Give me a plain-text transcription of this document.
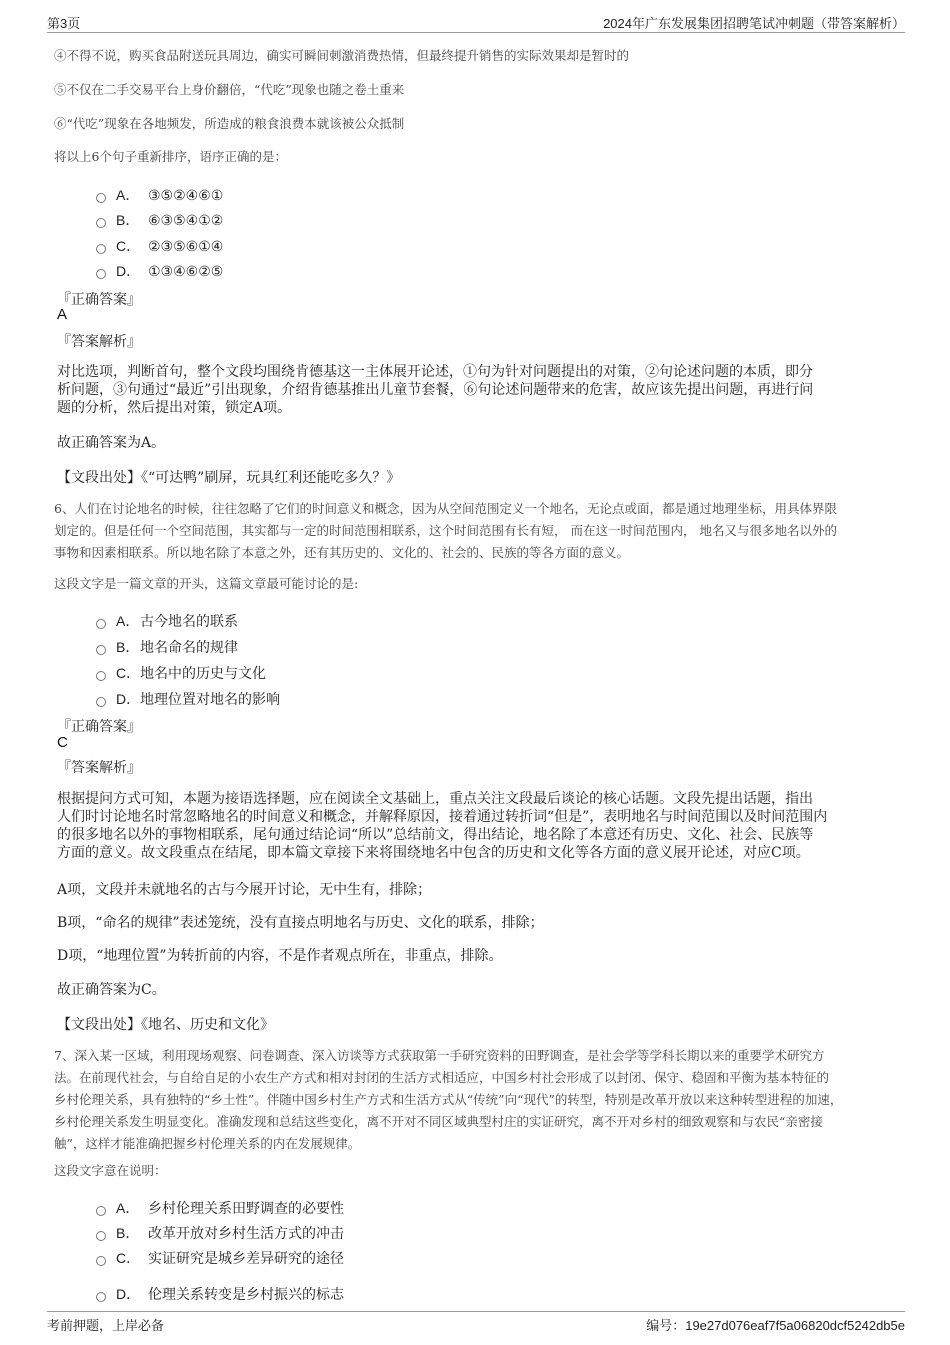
第3页	2024年广东发展集团招聘笔试冲刺题（带答案解析）
④不得不说，购买食品附送玩具周边，确实可瞬间刺激消费热情，但最终提升销售的实际效果却是暂时的
⑤不仅在二手交易平台上身价翻倍，“代吃”现象也随之卷土重来
⑥“代吃”现象在各地频发，所造成的粮食浪费本就该被公众抵制
将以上6个句子重新排序，语序正确的是：
A． ③⑤②④⑥①
B． ⑥③⑤④①②
C． ②③⑤⑥①④
D． ①③④⑥②⑤
『正确答案』
A
『答案解析』
对比选项，判断首句，整个文段均围绕肯德基这一主体展开论述，①句为针对问题提出的对策，②句论述问题的本质，即分
析问题，③句通过“最近”引出现象，介绍肯德基推出儿童节套餐，⑥句论述问题带来的危害，故应该先提出问题，再进行问
题的分析，然后提出对策，锁定A项。
故正确答案为A。
【文段出处】《“可达鸭”刷屏，玩具红利还能吃多久？》
6、人们在讨论地名的时候，往往忽略了它们的时间意义和概念，因为从空间范围定义一个地名，无论点或面，都是通过地理坐标，用具体界限
划定的。但是任何一个空间范围，其实都与一定的时间范围相联系，这个时间范围有长有短， 而在这一时间范围内， 地名又与很多地名以外的
事物和因素相联系。所以地名除了本意之外，还有其历史的、文化的、社会的、民族的等各方面的意义。
这段文字是一篇文章的开头，这篇文章最可能讨论的是:
A．古今地名的联系
B．地名命名的规律
C．地名中的历史与文化
D．地理位置对地名的影响
『正确答案』
C
『答案解析』
根据提问方式可知，本题为接语选择题，应在阅读全文基础上，重点关注文段最后谈论的核心话题。文段先提出话题，指出
人们时讨论地名时常忽略地名的时间意义和概念，并解释原因，接着通过转折词“但是”，表明地名与时间范围以及时间范围内
的很多地名以外的事物相联系，尾句通过结论词“所以”总结前文，得出结论，地名除了本意还有历史、文化、社会、民族等
方面的意义。故文段重点在结尾，即本篇文章接下来将围绕地名中包含的历史和文化等各方面的意义展开论述，对应C项。
A项，文段并未就地名的古与今展开讨论，无中生有，排除；
B项，“命名的规律”表述笼统，没有直接点明地名与历史、文化的联系，排除；
D项，“地理位置”为转折前的内容，不是作者观点所在，非重点，排除。
故正确答案为C。
【文段出处】《地名、历史和文化》
7、深入某一区域，利用现场观察、问卷调查、深入访谈等方式获取第一手研究资料的田野调查，是社会学等学科长期以来的重要学术研究方
法。在前现代社会，与自给自足的小农生产方式和相对封闭的生活方式相适应，中国乡村社会形成了以封闭、保守、稳固和平衡为基本特征的
乡村伦理关系，具有独特的“乡土性”。伴随中国乡村生产方式和生活方式从“传统”向“现代”的转型，特别是改革开放以来这种转型进程的加速，
乡村伦理关系发生明显变化。准确发现和总结这些变化，离不开对不同区域典型村庄的实证研究，离不开对乡村的细致观察和与农民“亲密接
触”，这样才能准确把握乡村伦理关系的内在发展规律。
这段文字意在说明：
A． 乡村伦理关系田野调查的必要性
B． 改革开放对乡村生活方式的冲击
C． 实证研究是城乡差异研究的途径
D． 伦理关系转变是乡村振兴的标志
考前押题，上岸必备	编号：19e27d076eaf7f5a06820dcf5242db5e
